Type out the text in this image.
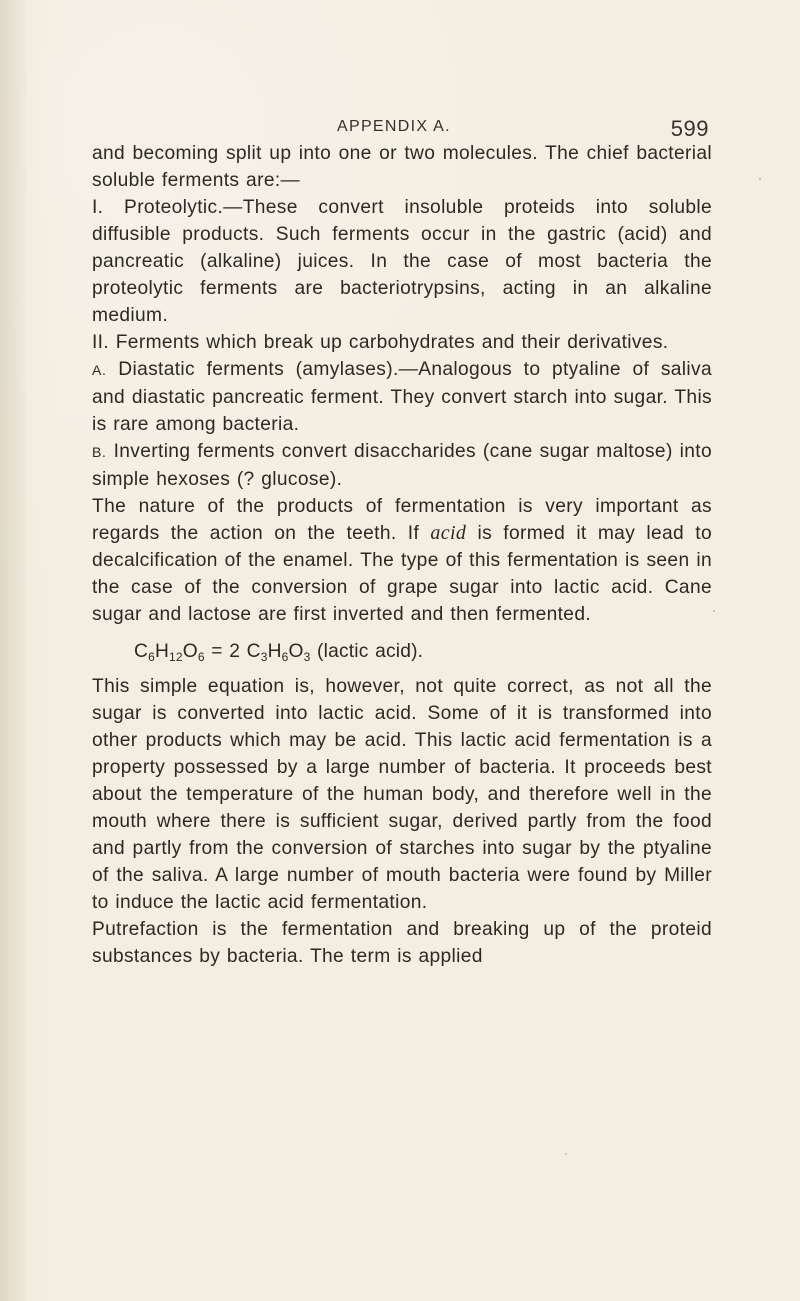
APPENDIX A.	599

and becoming split up into one or two molecules. The chief bacterial soluble ferments are:—

I. Proteolytic.—These convert insoluble proteids into soluble diffusible products. Such ferments occur in the gastric (acid) and pancreatic (alkaline) juices. In the case of most bacteria the proteolytic ferments are bacteriotrypsins, acting in an alkaline medium.

II. Ferments which break up carbohydrates and their derivatives.

A. Diastatic ferments (amylases).—Analogous to ptyaline of saliva and diastatic pancreatic ferment. They convert starch into sugar. This is rare among bacteria.

B. Inverting ferments convert disaccharides (cane sugar maltose) into simple hexoses (? glucose).

The nature of the products of fermentation is very important as regards the action on the teeth. If acid is formed it may lead to decalcification of the enamel. The type of this fermentation is seen in the case of the conversion of grape sugar into lactic acid. Cane sugar and lactose are first inverted and then fermented.

$C_6H_{12}O_6 = 2$ $C_3H_6O_3$ (lactic acid).

This simple equation is, however, not quite correct, as not all the sugar is converted into lactic acid. Some of it is transformed into other products which may be acid. This lactic acid fermentation is a property possessed by a large number of bacteria. It proceeds best about the temperature of the human body, and therefore well in the mouth where there is sufficient sugar, derived partly from the food and partly from the conversion of starches into sugar by the ptyaline of the saliva. A large number of mouth bacteria were found by Miller to induce the lactic acid fermentation.

Putrefaction is the fermentation and breaking up of the proteid substances by bacteria. The term is applied
